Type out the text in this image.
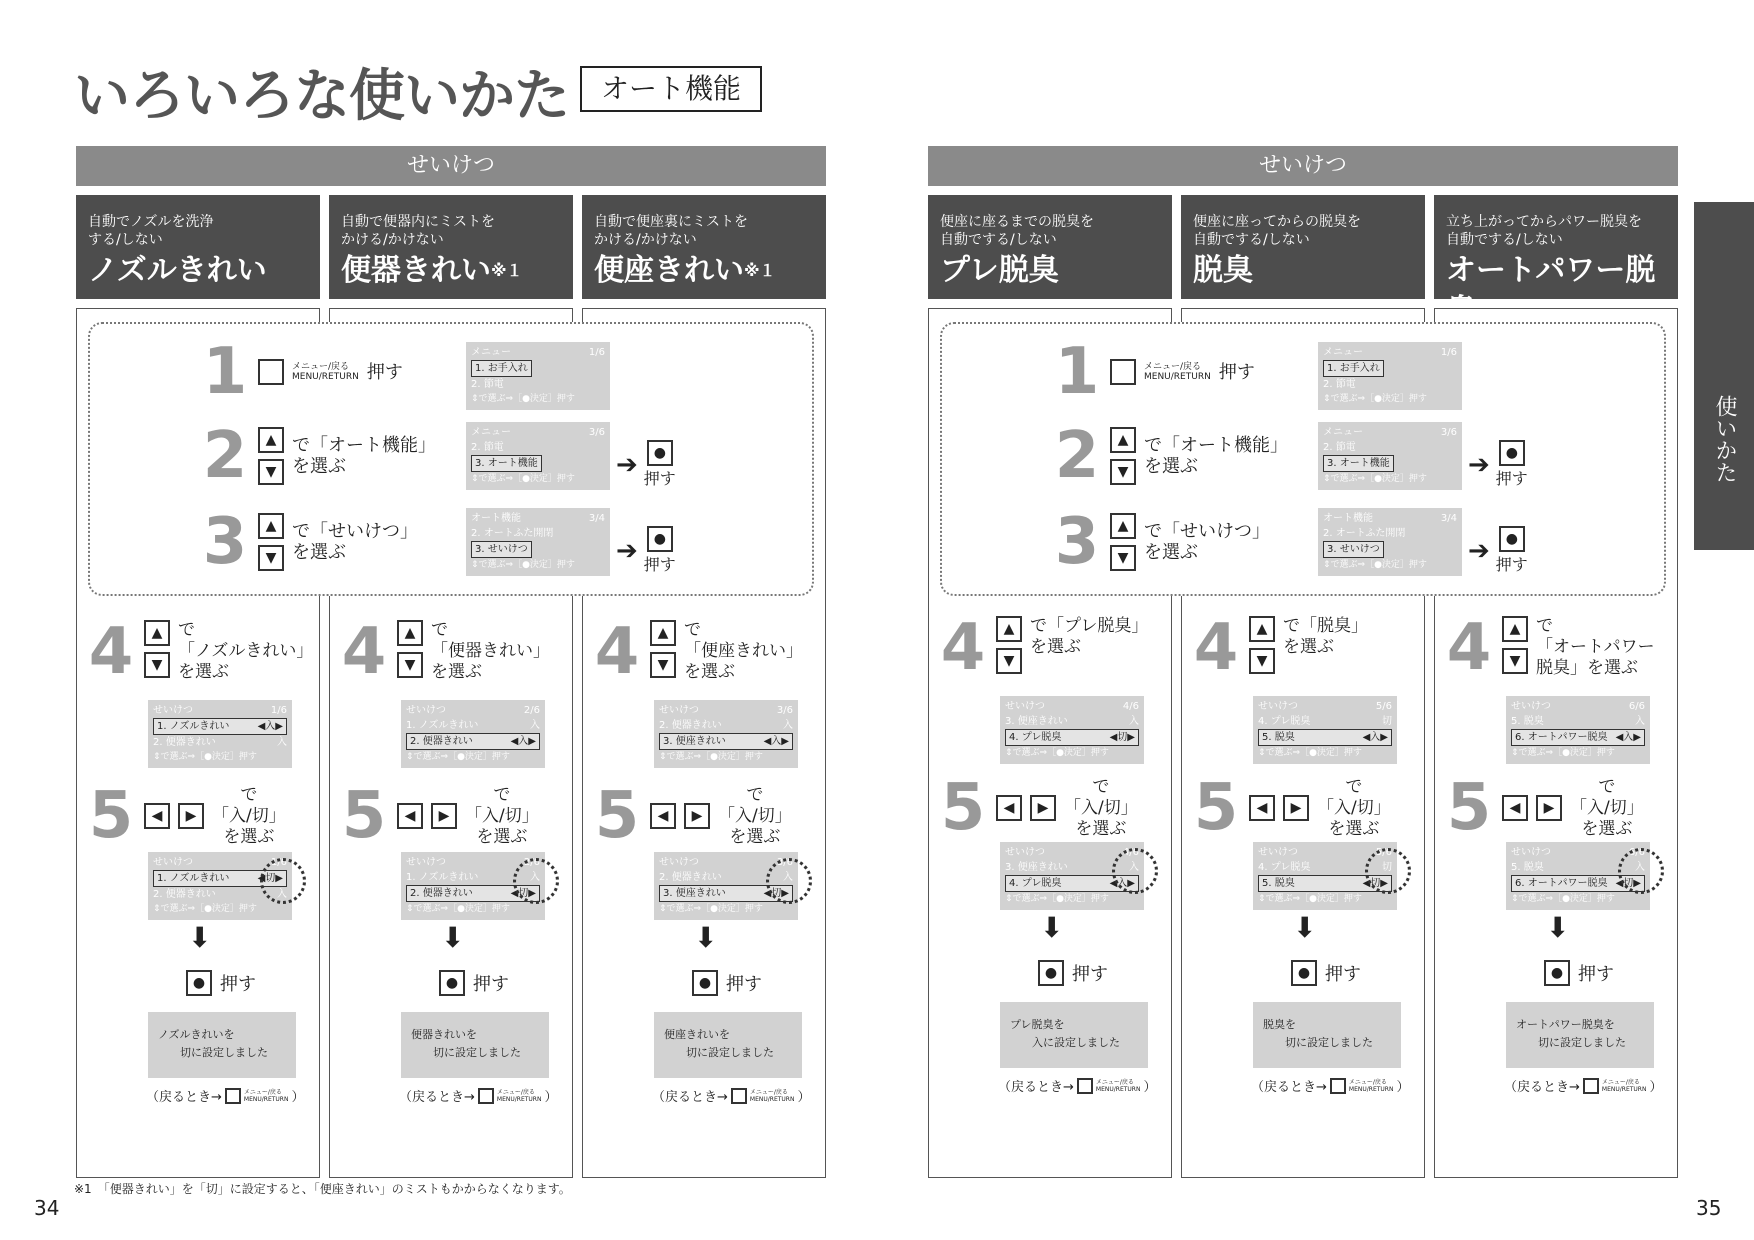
いろいろな使いかた	オート機能
使いかた
34	35
※1　「便器きれい」を「切」に設定すると、「便座きれい」のミストもかからなくなります。
せいけつ	せいけつ
自動でノズルを洗浄
する/しない
ノズルきれい
自動で便器内にミストを
かける/かけない
便器きれい$^{※1}$
自動で便座裏にミストを
かける/かけない
便座きれい$^{※1}$
便座に座るまでの脱臭を
自動でする/しない
プレ脱臭
便座に座ってからの脱臭を
自動でする/しない
脱臭
立ち上がってからパワー脱臭を
自動でする/しない
オートパワー脱
1	メニュー/戻る
MENU/RETURN 押す
2	▲
▼
で「オート機能」
を選ぶ	➔	●
押す
3	▲
▼
で「せいけつ」
を選ぶ	➔	●
押す
メニュー	1/6
1. お手入れ
2. 節電
⇕で選ぶ⇒［●決定］押す
メニュー	3/6
2. 節電
3. オート機能
⇕で選ぶ⇒［●決定］押す
オート機能	3/4
2. オートふた開閉
3. せいけつ
⇕で選ぶ⇒［●決定］押す
1	メニュー/戻る
MENU/RETURN 押す
2	▲
▼
で「オート機能」
を選ぶ	➔	●
押す
3	▲
▼
で「せいけつ」
を選ぶ	➔	●
押す
メニュー	1/6
1. お手入れ
2. 節電
⇕で選ぶ⇒［●決定］押す
メニュー	3/6
2. 節電
3. オート機能
⇕で選ぶ⇒［●決定］押す
オート機能	3/4
2. オートふた開閉
3. せいけつ
⇕で選ぶ⇒［●決定］押す
4	▲
▼
で
「ノズルきれい」
を選ぶ
せいけつ	1/6
1. ノズルきれい	◀入▶
2. 便器きれい	入
⇕で選ぶ⇒［●決定］押す
5	◀	▶
で
「入/切」
を選ぶ
せいけつ	1/6
1. ノズルきれい	◀切▶
2. 便器きれい	入
⇕で選ぶ⇒［●決定］押す
⬇
● 押す
ノズルきれいを
切に設定しました
（戻るとき→	メニュー/戻る
MENU/RETURN ）
4	▲
▼
で
「便器きれい」
を選ぶ
せいけつ	2/6
1. ノズルきれい	入
2. 便器きれい	◀入▶
⇕で選ぶ⇒［●決定］押す
5	◀	▶
で
「入/切」
を選ぶ
せいけつ	2/6
1. ノズルきれい	入
2. 便器きれい	◀切▶
⇕で選ぶ⇒［●決定］押す
⬇
● 押す
便器きれいを
切に設定しました
（戻るとき→	メニュー/戻る
MENU/RETURN ）
4	▲
▼
で
「便座きれい」
を選ぶ
せいけつ	3/6
2. 便器きれい	入
3. 便座きれい	◀入▶
⇕で選ぶ⇒［●決定］押す
5	◀	▶
で
「入/切」
を選ぶ
せいけつ	3/6
2. 便器きれい	入
3. 便座きれい	◀切▶
⇕で選ぶ⇒［●決定］押す
⬇
● 押す
便座きれいを
切に設定しました
（戻るとき→	メニュー/戻る
MENU/RETURN ）
4	▲
▼
で「プレ脱臭」
を選ぶ
せいけつ	4/6
3. 便座きれい	入
4. プレ脱臭	◀切▶
⇕で選ぶ⇒［●決定］押す
5	◀	▶
で
「入/切」
を選ぶ
せいけつ	4/6
3. 便座きれい	入
4. プレ脱臭	◀入▶
⇕で選ぶ⇒［●決定］押す
⬇
● 押す
プレ脱臭を
入に設定しました
（戻るとき→	メニュー/戻る
MENU/RETURN ）
4	▲
▼
で「脱臭」
を選ぶ
せいけつ	5/6
4. プレ脱臭	切
5. 脱臭	◀入▶
⇕で選ぶ⇒［●決定］押す
5	◀	▶
で
「入/切」
を選ぶ
せいけつ	5/6
4. プレ脱臭	切
5. 脱臭	◀切▶
⇕で選ぶ⇒［●決定］押す
⬇
● 押す
脱臭を
切に設定しました
（戻るとき→	メニュー/戻る
MENU/RETURN ）
4	▲
▼
で
「オートパワー
脱臭」を選ぶ
せいけつ	6/6
5. 脱臭	入
6. オートパワー脱臭 ◀入▶
⇕で選ぶ⇒［●決定］押す
5	◀	▶
で
「入/切」
を選ぶ
せいけつ	6/6
5. 脱臭	入
6. オートパワー脱臭 ◀切▶
⇕で選ぶ⇒［●決定］押す
⬇
● 押す
オートパワー脱臭を
切に設定しました
（戻るとき→	メニュー/戻る
MENU/RETURN ）
